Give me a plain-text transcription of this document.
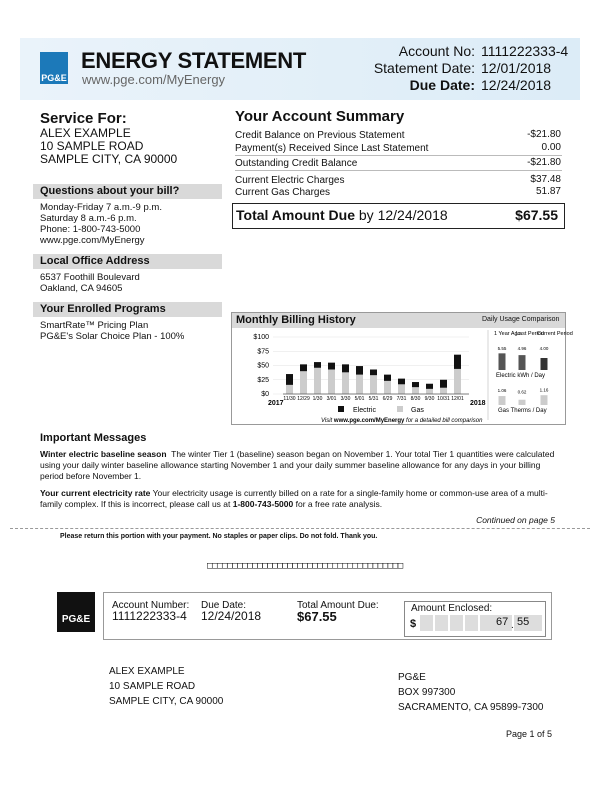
PG&E
ENERGY STATEMENT
www.pge.com/MyEnergy
Account No: 1111222333-4
Statement Date: 12/01/2018
Due Date: 12/24/2018
Service For:
ALEX EXAMPLE
10 SAMPLE ROAD
SAMPLE CITY, CA 90000
Questions about your bill?
Monday-Friday 7 a.m.-9 p.m.
Saturday 8 a.m.-6 p.m.
Phone: 1-800-743-5000
www.pge.com/MyEnergy
Local Office Address
6537 Foothill Boulevard
Oakland, CA 94605
Your Enrolled Programs
SmartRate™ Pricing Plan
PG&E's Solar Choice Plan - 100%
Your Account Summary
Credit Balance on Previous Statement	-$21.80
Payment(s) Received Since Last Statement	0.00
Outstanding Credit Balance	-$21.80
Current Electric Charges	$37.48
Current Gas Charges	51.87
Total Amount Due by 12/24/2018	$67.55
Monthly Billing History	Daily Usage Comparison
$0
$25
$50
$75
$100
11/30 12/29 1/30 3/01 3/30 5/01 5/31 6/29 7/31 8/30 9/30 10/31 12/01
2017	2018
Electric	Gas
Visit www.pge.com/MyEnergy for a detailed bill comparison
1 Year Ago
Last Period
Current Period
5.55 4.96	4.00
1.06 0.62	1.16
Electric kWh / Day
Gas Therms / Day
Important Messages
Winter electric baseline season The winter Tier 1 (baseline) season began on November 1. Your total Tier 1 quantities were calculated using your daily winter baseline allowance starting November 1 and your daily summer baseline allowance for any days in your billing period before November 1.
Your current electricity rate Your electricity usage is currently billed on a rate for a single-family home or common-use area of a multi-family complex. If this is incorrect, please call us at 1-800-743-5000 for a free rate analysis.
Continued on page 5
Please return this portion with your payment. No staples or paper clips. Do not fold. Thank you.
□□□□□□□□□□□□□□□□□□□□□□□□□□□□□□□□□□□□□□□
PG&E
Account Number:
1111222333-4
Due Date:
12/24/2018
Total Amount Due:
$67.55
Amount Enclosed:
$	67 . 55
ALEX EXAMPLE
10 SAMPLE ROAD
SAMPLE CITY, CA 90000
PG&E
BOX 997300
SACRAMENTO, CA 95899-7300
Page 1 of 5
